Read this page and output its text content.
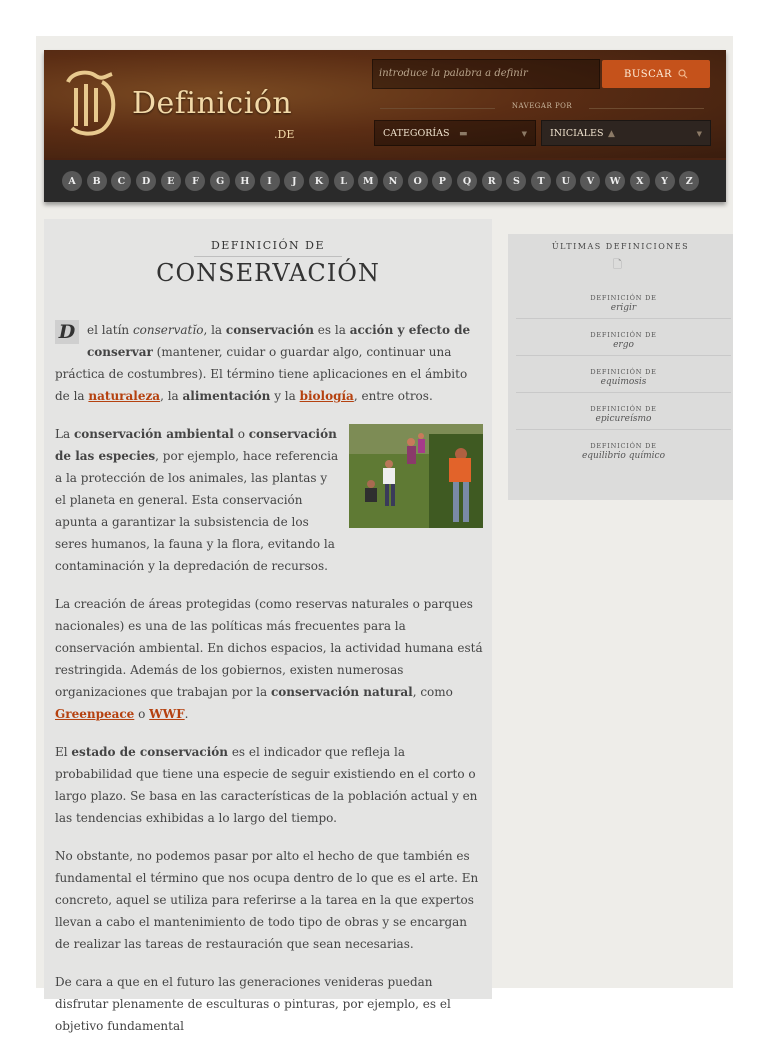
Definición
.DE
introduce la palabra a definir	BUSCAR
NAVEGAR POR
CATEGORÍAS ▬	▼	INICIALES ▲	▼
A	B	C	D	E	F	G	H	I	J	K	L	M	N	O	P	Q	R	S	T	U	V	W	X	Y	Z
DEFINICIÓN DE
CONSERVACIÓN

D el latín conservatĭo, la conservación es la acción y efecto de conservar (mantener, cuidar o guardar algo, continuar una práctica de costumbres). El término tiene aplicaciones en el ámbito de la naturaleza, la alimentación y la biología, entre otros.

La conservación ambiental o conservación de las especies, por ejemplo, hace referencia a la protección de los animales, las plantas y el planeta en general. Esta conservación apunta a garantizar la subsistencia de los seres humanos, la fauna y la flora, evitando la contaminación y la depredación de recursos.

La creación de áreas protegidas (como reservas naturales o parques nacionales) es una de las políticas más frecuentes para la conservación ambiental. En dichos espacios, la actividad humana está restringida. Además de los gobiernos, existen numerosas organizaciones que trabajan por la conservación natural, como Greenpeace o WWF.

El estado de conservación es el indicador que refleja la probabilidad que tiene una especie de seguir existiendo en el corto o largo plazo. Se basa en las características de la población actual y en las tendencias exhibidas a lo largo del tiempo.

No obstante, no podemos pasar por alto el hecho de que también es fundamental el término que nos ocupa dentro de lo que es el arte. En concreto, aquel se utiliza para referirse a la tarea en la que expertos llevan a cabo el mantenimiento de todo tipo de obras y se encargan de realizar las tareas de restauración que sean necesarias.

De cara a que en el futuro las generaciones venideras puedan disfrutar plenamente de esculturas o pinturas, por ejemplo, es el objetivo fundamental

ÚLTIMAS DEFINICIONES
🗋
DEFINICIÓN DE
erigir
DEFINICIÓN DE
ergo
DEFINICIÓN DE
equimosis
DEFINICIÓN DE
epicureísmo
DEFINICIÓN DE
equilibrio químico
